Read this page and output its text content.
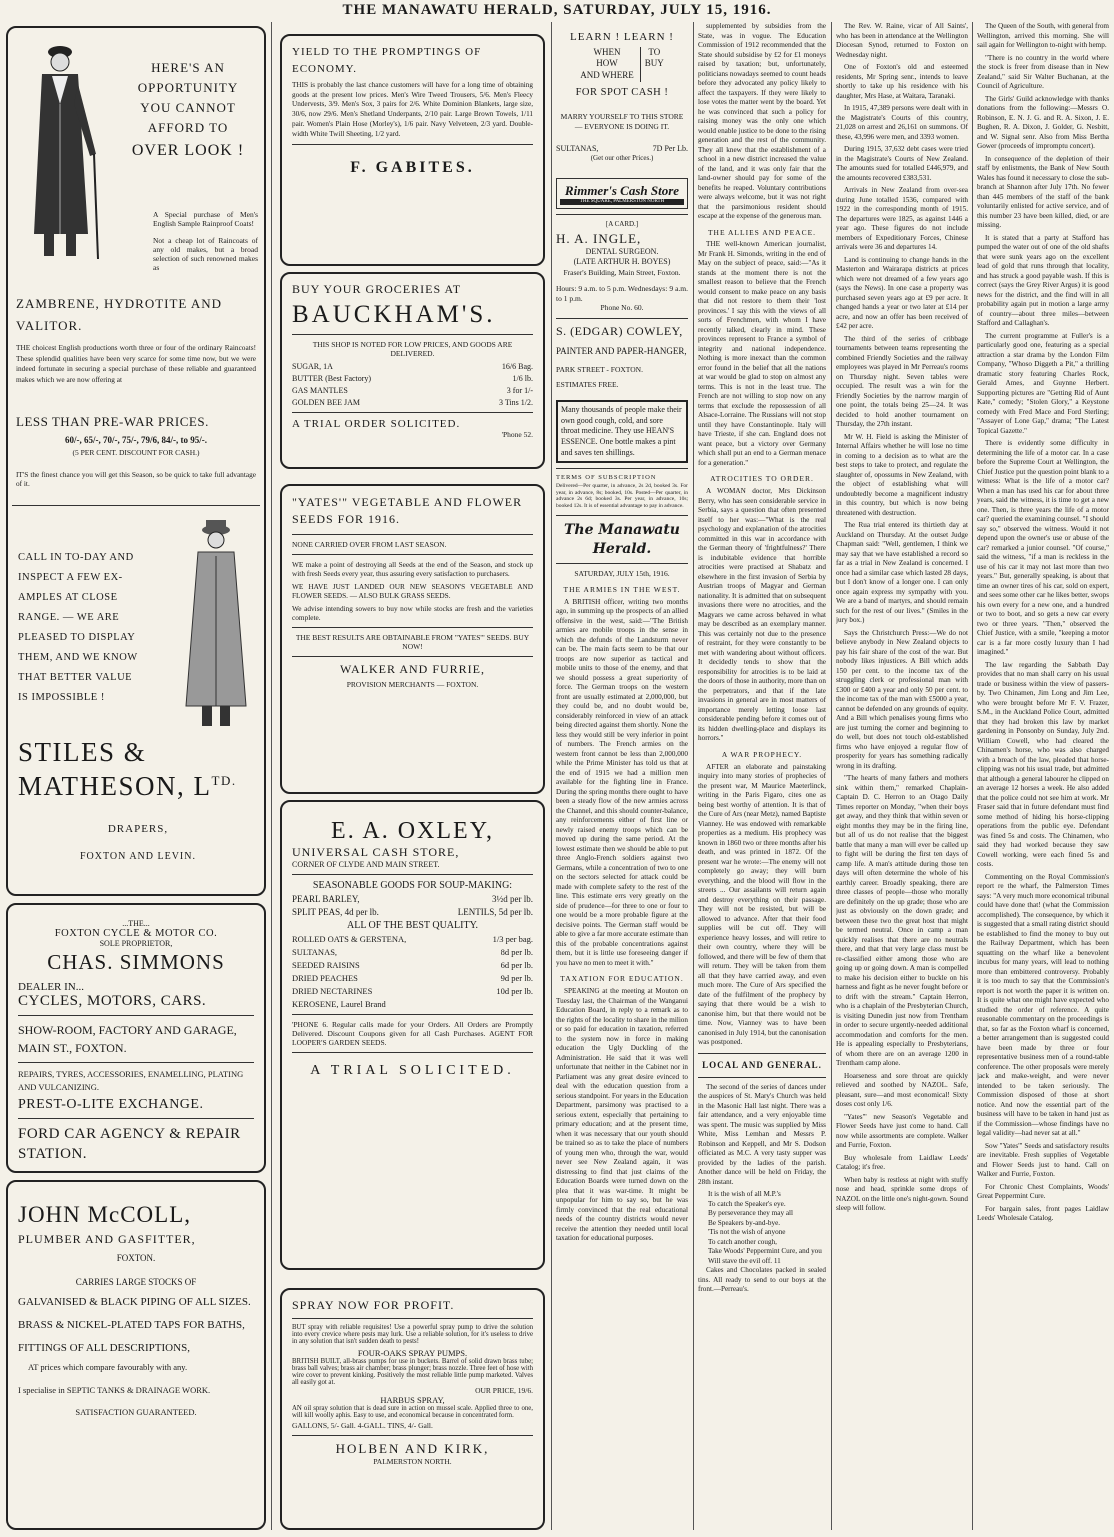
THE MANAWATU HERALD, SATURDAY, JULY 15, 1916.
HERE'S AN
OPPORTUNITY
YOU CANNOT
AFFORD TO
OVER LOOK !

A Special purchase of Men's English Sample Rainproof Coats!

Not a cheap lot of Raincoats of any old makes, but a broad selection of such renowned makes as

ZAMBRENE, HYDROTITE AND VALITOR.
THE choicest English productions worth three or four of the ordinary Raincoats! These splendid qualities have been very scarce for some time now, but we were indeed fortunate in securing a special purchase of these reliable and guaranteed makes which we are now offering at
LESS THAN PRE-WAR PRICES.
60/-, 65/-, 70/-, 75/-, 79/6, 84/-, to 95/-.
(5 PER CENT. DISCOUNT FOR CASH.)
IT'S the finest chance you will get this Season, so be quick to take full advantage of it.
CALL IN TO-DAY AND
INSPECT A FEW EX-
AMPLES AT CLOSE
RANGE. — WE ARE
PLEASED TO DISPLAY
THEM, AND WE KNOW
THAT BETTER VALUE
IS IMPOSSIBLE !
STILES &
MATHESON, $L^{TD.}$
DRAPERS,
FOXTON AND LEVIN.
...THE...
FOXTON CYCLE & MOTOR CO.
SOLE PROPRIETOR,
CHAS. SIMMONS
DEALER IN...
CYCLES, MOTORS, CARS.
SHOW-ROOM, FACTORY AND GARAGE, MAIN ST., FOXTON.
REPAIRS, TYRES, ACCESSORIES, ENAMELLING, PLATING AND VULCANIZING.
PREST-O-LITE EXCHANGE.
FORD CAR AGENCY & REPAIR STATION.
JOHN McCOLL,
PLUMBER AND GASFITTER,
FOXTON.
CARRIES LARGE STOCKS OF
GALVANISED & BLACK PIPING OF ALL SIZES.
BRASS & NICKEL-PLATED TAPS FOR BATHS,
FITTINGS OF ALL DESCRIPTIONS,
AT prices which compare favourably with any.
I specialise in SEPTIC TANKS & DRAINAGE WORK.
SATISFACTION GUARANTEED.
YIELD TO THE PROMPTINGS OF ECONOMY.
THIS is probably the last chance customers will have for a long time of obtaining goods at the present low prices. Men's Wire Tweed Trousers, 5/6. Men's Fleecy Undervests, 3/9. Men's Sox, 3 pairs for 2/6. White Dominion Blankets, large size, 30/6, now 29/6. Men's Shetland Underpants, 2/10 pair. Large Brown Towels, 1/11 pair. Women's Plain Hose (Morley's), 1/6 pair. Navy Velveteen, 2/3 yard. Double-width White Twill Sheeting, 1/2 yard.
F. GABITES.
BUY YOUR GROCERIES AT
BAUCKHAM'S.
THIS SHOP IS NOTED FOR LOW PRICES, AND GOODS ARE DELIVERED.
SUGAR, 1A	16/6 Bag.
BUTTER (Best Factory)	1/6 lb.
GAS MANTLES	3 for 1/-
GOLDEN BEE JAM	3 Tins 1/2.
A TRIAL ORDER SOLICITED.
'Phone 52.
"YATES'" VEGETABLE AND FLOWER SEEDS FOR 1916.
NONE CARRIED OVER FROM LAST SEASON.
WE make a point of destroying all Seeds at the end of the Season, and stock up with fresh Seeds every year, thus assuring every satisfaction to purchasers.
WE HAVE JUST LANDED OUR NEW SEASON'S VEGETABLE AND FLOWER SEEDS. — ALSO BULK GRASS SEEDS.
We advise intending sowers to buy now while stocks are fresh and the varieties complete.
THE BEST RESULTS ARE OBTAINABLE FROM "YATES'" SEEDS. BUY NOW!
WALKER AND FURRIE,
PROVISION MERCHANTS — FOXTON.
E. A. OXLEY,
UNIVERSAL CASH STORE,
CORNER OF CLYDE AND MAIN STREET.
SEASONABLE GOODS FOR SOUP-MAKING:
PEARL BARLEY,	3½d per lb.
SPLIT PEAS, 4d per lb.	LENTILS, 5d per lb.
ALL OF THE BEST QUALITY.
ROLLED OATS & GERSTENA,	1/3 per bag.
SULTANAS,	8d per lb.
SEEDED RAISINS	6d per lb.
DRIED PEACHES	9d per lb.
DRIED NECTARINES	10d per lb.
KEROSENE, Laurel Brand
'PHONE 6. Regular calls made for your Orders. All Orders are Promptly Delivered. Discount Coupons given for all Cash Purchases. AGENT FOR LOOPER'S GARDEN SEEDS.
A TRIAL SOLICITED.
SPRAY NOW FOR PROFIT.
BUT spray with reliable requisites! Use a powerful spray pump to drive the solution into every crevice where pests may lurk. Use a reliable solution, for it's useless to drive in any solution that isn't sudden death to pests!
FOUR-OAKS SPRAY PUMPS.
BRITISH BUILT, all-brass pumps for use in buckets. Barrel of solid drawn brass tube; brass ball valves; brass air chamber; brass plunger; brass nozzle. Three feet of hose with wire cover to prevent kinking. Positively the most reliable little pump marketed. Valves all easily got at.
OUR PRICE, 19/6.
HARBUS SPRAY,
AN oil spray solution that is dead sure in action on mussel scale. Applied three to one, will kill woolly aphis. Easy to use, and economical because in concentrated form.
GALLONS, 5/- Gall. 4-GALL. TINS, 4/- Gall.
HOLBEN AND KIRK,
PALMERSTON NORTH.
LEARN ! LEARN !
WHEN
HOW
AND WHERE
TO
BUY
FOR SPOT CASH !
MARRY YOURSELF TO THIS STORE — EVERYONE IS DOING IT.
SULTANAS,	7D Per Lb.
(Get our other Prices.)
Rimmer's Cash Store
THE SQUARE, PALMERSTON NORTH
[A CARD.]
H. A. INGLE,
DENTAL SURGEON.
(LATE ARTHUR H. BOYES)
Fraser's Building, Main Street, Foxton.
Hours: 9 a.m. to 5 p.m. Wednesdays: 9 a.m. to 1 p.m.
Phone No. 60.
S. (EDGAR) COWLEY,
PAINTER AND PAPER-HANGER,
PARK STREET - FOXTON.
ESTIMATES FREE.
Many thousands of people make their own good cough, cold, and sore throat medicine. They use HEAN'S ESSENCE. One bottle makes a pint and saves ten shillings.
TERMS OF SUBSCRIPTION
Delivered—Per quarter, in advance, 2s 2d, booked 3s. For year, in advance, 8s; booked, 10s. Posted—Per quarter, in advance 2s 6d; booked 3s. Per year, in advance, 10s; booked 12s. It is of essential advantage to pay in advance.
The Manawatu Herald.
SATURDAY, JULY 15th, 1916.
THE ARMIES IN THE WEST.

A BRITISH officer, writing two months ago, in summing up the prospects of an allied offensive in the west, said:—"The British armies are mobile troops in the sense in which the defunds of the Landsturm never can be. The main facts seem to be that our troops are now superior as tactical and mobile units to those of the enemy, and that we should possess a great superiority of force. The German troops on the western front are usually estimated at 2,000,000, but they could be, and no doubt would be, considerably reinforced in view of an attack being directed against them shortly. None the less they would still be very inferior in point of numbers. The French armies on the western front cannot be less than 2,000,000 while the Prime Minister has told us that at the end of 1915 we had a million men available for the fighting line in France. During the spring months there ought to have been a steady flow of the new armies across the Channel, and this should counter-balance, any reinforcements either of first line or newly raised enemy troops which can be moved up during the same period. At the lowest estimate then we should be able to put three Anglo-French soldiers against two Germans, while a concentration of two to one on the sectors selected for attack could be made with complete safety to the rest of the line. This estimate errs very greatly on the side of prudence—for three to one or four to one would be a more probable figure at the decisive points. The German staff would be able to give a far more accurate estimate than this of the probable concentrations against them, but it is little use foreseeing danger if you have no men to meet it with."

TAXATION FOR EDUCATION.

SPEAKING at the meeting at Mouton on Tuesday last, the Chairman of the Wanganui Education Board, in reply to a remark as to the rights of the locality to share in the milion or so paid for education in taxation, referred to the system now in force in making education the Ugly Duckling of the Administration. He said that it was well unfortunate that neither in the Cabinet nor in Parliament was any great desire evinced to deal with the education question from a serious standpoint. For years in the Education Department, parsimony was practised to a serious extent, especially that pertaining to primary education; and at the present time, when it was necessary that our youth should be trained so as to take the place of numbers of young men who, through the war, would never see New Zealand again, it was distressing to find that just claims of the Education Boards were turned down on the plea that it was war-time. It might be unpopular for him to say so, but he was firmly convinced that the real educational needs of the country districts would never receive the attention they needed until local taxation for educational purposes.

supplemented by subsidies from the State, was in vogue. The Education Commission of 1912 recommended that the State should subsidise by £2 for £1 moneys raised by taxation; but, unfortunately, politicians nowadays seemed to count heads before they advocated any policy likely to affect the taxpayers. If they were likely to lose votes the matter went by the board. Yet he was convinced that such a policy for raising money was the only one which would enable justice to be done to the rising generation and the rest of the community. They all knew that the establishment of a school in a new district increased the value of the land, and it was only fair that the land-owner should pay for some of the benefits he reaped. Voluntary contributions were always welcome, but it was not right that the parsimonious resident should escape at the expense of the generous man.

THE ALLIES AND PEACE.

THE well-known American journalist, Mr Frank H. Simonds, writing in the end of May on the subject of peace, said:—"As it stands at the moment there is not the smallest reason to believe that the French would consent to make peace on any basis that did not restore to them their 'lost provinces.' I say this with the views of all sorts of Frenchmen, with whom I have recently talked, clearly in mind. These provinces represent to France a symbol of integrity and national independence. Nothing is more inexact than the common error found in the belief that all the nations at war would be glad to stop on almost any terms. This is not in the least true. The French are not willing to stop now on any terms that exclude the repossession of all Alsace-Lorraine. The Russians will not stop until they have Constantinople. Italy will have Trieste, if she can. England does not want peace, but a victory over Germany which shall put an end to a German menace for a generation."

ATROCITIES TO ORDER.

A WOMAN doctor, Mrs Dickinson Berry, who has seen considerable service in Serbia, says a question that often presented itself to her was:—"What is the real psychology and explanation of the atrocities committed in this war in accordance with the German theory of 'frightfulness?' There is indubitable evidence that horrible atrocities were practised at Shabatz and elsewhere in the first invasion of Serbia by Austrian troops of Magyar and German nationality. It is admitted that on subsequent invasions there were no atrocities, and the Magyars we came across behaved in what may be described as an exemplary manner. This was certainly not due to the presence of restraint, for they were constantly to be met with wandering about without officers. It decidedly tends to show that the responsibility for atrocities is to be laid at the doors of those in authority, more than on the perpetrators, and that if the late invasions in general are in most matters of importance merely letting loose last considerable pending before it comes out of its hidden dwelling-place and displays its horrors."

A WAR PROPHECY.

AFTER an elaborate and painstaking inquiry into many stories of prophecies of the present war, M Maurice Maeterlinck, writing in the Paris Figaro, cites one as being best worthy of attention. It is that of the Cure of Ars (near Metz), named Baptiste Vianney. He was endowed with remarkable properties as a medium. His prophecy was known in 1860 two or three months after his death, and was printed in 1872. Of the present war he wrote:—The enemy will not completely go away; they will burn everything, and the blood will flow in the streets ... Our assailants will return again and destroy everything on their passage. They will not be resisted, but will be allowed to advance. After that their food supplies will be cut off. They will experience heavy losses, and will retire to their own country, where they will be followed, and there will be few of them that will return. They will be taken from them all that they have carried away, and even much more. The Cure of Ars specified the date of the fulfilment of the prophecy by saying that there would be a wish to canonise him, but that there would not be time. Now, Vianney was to have been canonised in July 1914, but the canonisation was postponed.

LOCAL AND GENERAL.

The second of the series of dances under the auspices of St. Mary's Church was held in the Masonic Hall last night. There was a fair attendance, and a very enjoyable time was spent. The music was supplied by Miss White, Miss Lemhan and Messrs P. Robinson and Keppell, and Mr S. Dodson officiated as M.C. A very tasty supper was provided by the ladies of the parish. Another dance will be held on Friday, the 28th instant.

It is the wish of all M.P.'s
To catch the Speaker's eye.
By perseverance they may all
Be Speakers by-and-bye.
'Tis not the wish of anyone
To catch another cough,
Take Woods' Peppermint Cure, and you
Will stave the evil off. 11

Cakes and Chocolates packed in sealed tins. All ready to send to our boys at the front.—Perreau's.

The Rev. W. Raine, vicar of All Saints', who has been in attendance at the Wellington Diocesan Synod, returned to Foxton on Wednesday night.

One of Foxton's old and esteemed residents, Mr Spring senr., intends to leave shortly to take up his residence with his daughter, Mrs Hase, at Waitara, Taranaki.

In 1915, 47,389 persons were dealt with in the Magistrate's Courts of this country, 21,028 on arrest and 26,161 on summons. Of these, 43,996 were men, and 3393 women.

During 1915, 37,632 debt cases were tried in the Magistrate's Courts of New Zealand. The amounts sued for totalled £446,979, and the amounts recovered £383,531.

Arrivals in New Zealand from over-sea during June totalled 1536, compared with 1922 in the corresponding month of 1915. The departures were 1825, as against 1446 a year ago. These figures do not include members of Expeditionary Forces, Chinese arrivals were 36 and departures 14.

Land is continuing to change hands in the Masterton and Wairarapa districts at prices which were not dreamed of a few years ago (says the News). In one case a property was purchased seven years ago at £9 per acre. It changed hands a year or two later at £14 per acre, and now an offer has been received of £42 per acre.

The third of the series of cribbage tournaments between teams representing the combined Friendly Societies and the railway employees was played in Mr Perreau's rooms on Thursday night. Seven tables were occupied. The result was a win for the Friendly Societies by the narrow margin of one point, the totals being 25—24. It was decided to hold another tournament on Thursday, the 27th instant.

Mr W. H. Field is asking the Minister of Internal Affairs whether he will lose no time in coming to a decision as to what are the best steps to take to protect, and regulate the slaughter of, opossums in New Zealand, with the object of establishing what will undoubtedly become a magnificent industry in this country, but which is now being threatened with destruction.

The Rua trial entered its thirtieth day at Auckland on Thursday. At the outset Judge Chapman said: "Well, gentlemen, I think we may say that we have established a record so far as a trial in New Zealand is concerned. I once had a similar case which lasted 28 days, but I don't know of a longer one. I can only once again express my sympathy with you. We are a band of martyrs, and should remain such for the rest of our lives." (Smiles in the jury box.)

Says the Christchurch Press:—We do not believe anybody in New Zealand objects to pay his fair share of the cost of the war. But nobody likes injustices. A Bill which adds 150 per cent. to the income tax of the struggling clerk or professional man with £300 or £400 a year and only 50 per cent. to the income tax of the man with £5000 a year, cannot be defended on any grounds of equity. And a Bill which penalises young firms who are just turning the corner and beginning to do well, but does not touch old-established firms who have enjoyed a regular flow of prosperity for years has something radically wrong in its drafting.

"The hearts of many fathers and mothers sink within them," remarked Chaplain-Captain D. C. Herron to an Otago Daily Times reporter on Monday, "when their boys get away, and they think that within seven or eight months they may be in the firing line, but all of us do not realise that the biggest battle that many a man will ever be called up to fight will be during the first ten days of camp life. A man's attitude during those ten days will often determine the whole of his earthly career. Broadly speaking, there are three classes of people—those who morally are definitely on the up grade; those who are just as obviously on the down grade; and between these two the great host that might be termed neutral. Once in camp a man quickly realises that there are no neutrals there, and that that very large class must be re-classified either among those who are going up or going down. A man is compelled to make his decision either to buckle on his harness and fight as he never fought before or to drift with the stream." Captain Herron, who is a chaplain of the Presbyterian Church, is visiting Dunedin just now from Trentham in order to secure urgently-needed additional accommodation and comforts for the men. He is appealing especially to Presbyterians, of whom there are on an average 1200 in Trentham camp alone.

Hoarseness and sore throat are quickly relieved and soothed by NAZOL. Safe, pleasant, sure—and most economical! Sixty doses cost only 1/6.

"Yates'" new Season's Vegetable and Flower Seeds have just come to hand. Call now while assortments are complete. Walker and Furrie, Foxton.

Buy wholesale from Laidlaw Leeds' Catalog; it's free.

When baby is restless at night with stuffy nose and head, sprinkle some drops of NAZOL on the little one's night-gown. Sound sleep will follow.

The Queen of the South, with general from Wellington, arrived this morning. She will sail again for Wellington to-night with hemp.

"There is no country in the world where the stock is freer from disease than in New Zealand," said Sir Walter Buchanan, at the Council of Agriculture.

The Girls' Guild acknowledge with thanks donations from the following:—Messrs O. Robinson, E. N. J. G. and R. A. Sixon, J. E. Bughen, R. A. Dixon, J. Golder, G. Nesbitt, and W. Signal senr. Also from Miss Bertha Gower (proceeds of impromptu concert).

In consequence of the depletion of their staff by enlistments, the Bank of New South Wales has found it necessary to close the sub-branch at Shannon after July 17th. No fewer than 445 members of the staff of the bank voluntarily enlisted for active service, and of this number 23 have been killed, died, or are missing.

It is stated that a party at Stafford has pumped the water out of one of the old shafts that were sunk years ago on the excellent lead of gold that runs through that locality, and has struck a good payable wash. If this is correct (says the Grey River Argus) it is good news for the district, and the find will in all probability again put in motion a large army of country—about three miles—between Stafford and Callaghan's.

The current programme at Fuller's is a particularly good one, featuring as a special attraction a star drama by the London Film Company, "Whoso Diggeth a Pit," a thrilling dramatic story featuring Charles Rock, Gerald Ames, and Guynne Herbert. Supporting pictures are "Getting Rid of Aunt Kate," comedy; "Stolen Glory," a Keystone comedy with Fred Mace and Ford Sterling; "Assayer of Lone Gap," drama; "The Latest Topical Gazette."

There is evidently some difficulty in determining the life of a motor car. In a case before the Supreme Court at Wellington, the Chief Justice put the question point blank to a witness: What is the life of a motor car? When a man has used his car for about three years, said the witness, it is time to get a new one. Then, is three years the life of a motor car? queried the examining counsel. "I should say so," observed the witness. Would it not depend upon the owner's use or abuse of the car? remarked a junior counsel. "Of course," said the witness, "if a man is reckless in the use of his car it may not last more than two years." But, generally speaking, is about that time an owner tires of his car, sold on expert, and sees some other car he likes better, swops his own every for a new one, and a hundred or two to boot, and so gets a new car every two or three years. "Then," observed the Chief Justice, with a smile, "keeping a motor car is a far more costly luxury than I had imagined."

The law regarding the Sabbath Day provides that no man shall carry on his usual trade or business within the view of passers-by. Two Chinamen, Jim Long and Jim Lee, who were brought before Mr F. V. Frazer, S.M., in the Auckland Police Court, admitted that they had broken this law by market gardening in Ponsonby on Sunday, July 2nd. William Cowell, who had cleared the Chinamen's horse, who was also charged with a breach of the law, pleaded that horse-clipping was not his usual trade, but admitted that although a general labourer he clipped on an average 12 horses a week. He also added that the police could not see him at work. Mr Fraser said that in future defendant must find some method of hiding his horse-clipping operations from the public eye. Defendant was fined 5s and costs. The Chinamen, who said they had worked because they saw Cowell working, were each fined 5s and costs.

Commenting on the Royal Commission's report re the wharf, the Palmerston Times says: "A very much more economical tribunal could have done that! (what the Commission accomplished). The consequence, by which it is suggested that a small rating district should be established to find the money to buy out the Railway Department, which has been squatting on the wharf like a benevolent incubus for many years, will lead to nothing more than embittered controversy. Probably it is too much to say that the Commission's report is not worth the paper it is written on. It is quite what one might have expected who studied the order of reference. A quite reasonable commentary on the proceedings is that, so far as the Foxton wharf is concerned, a better arrangement than is suggested could have been made by three or four representative business men of a round-table conference. The other proposals were merely jack and make-weight, and were never intended to be taken seriously. The Commission disposed of those at short notice. And now the essential part of the business will have to be taken in hand just as if the Commission—whose findings have no legal validity—had never sat at all."

Sow "Yates'" Seeds and satisfactory results are inevitable. Fresh supplies of Vegetable and Flower Seeds just to hand. Call on Walker and Furrie, Foxton.

For Chronic Chest Complaints, Woods' Great Peppermint Cure.

For bargain sales, front pages Laidlaw Leeds' Wholesale Catalog.
